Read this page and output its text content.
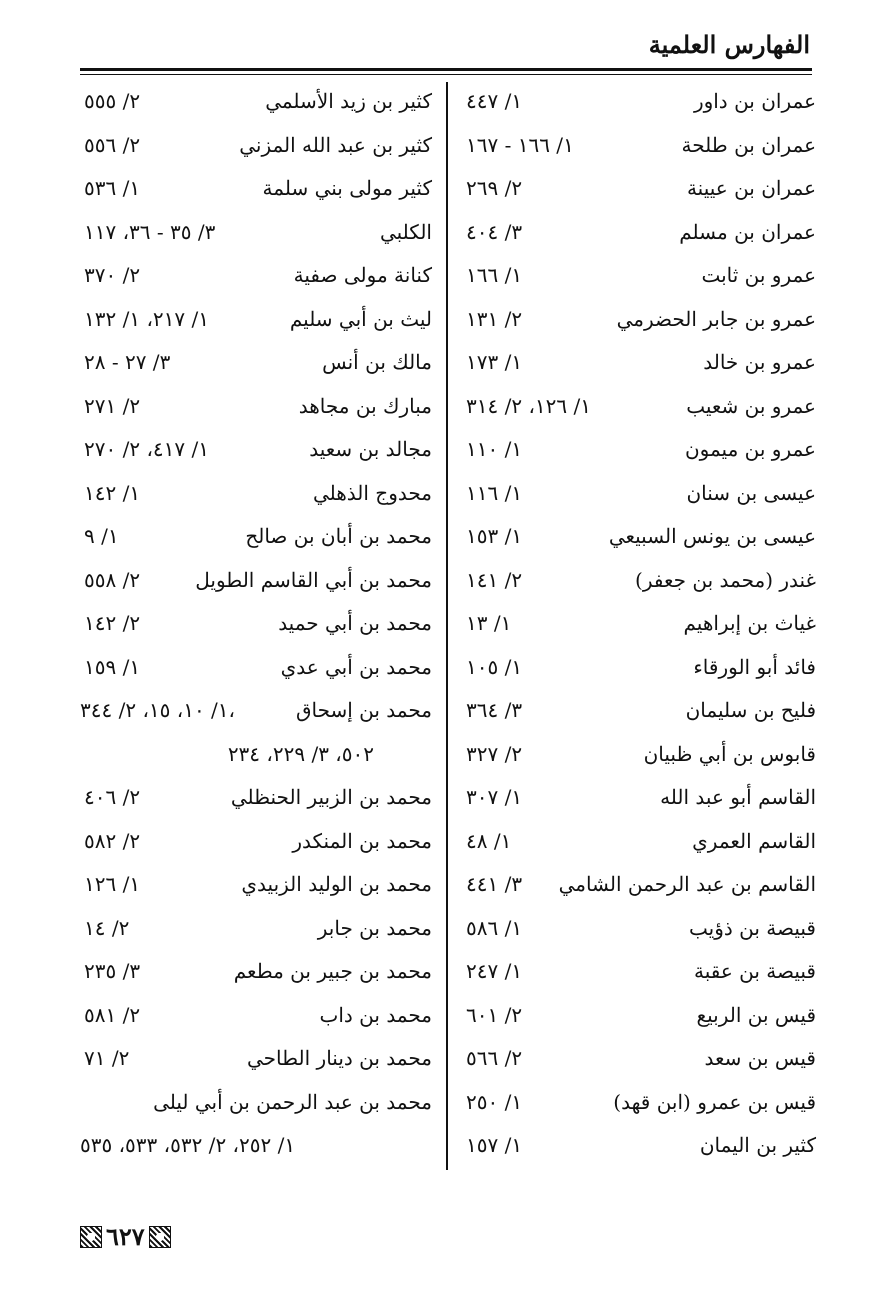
الفهارس العلمية
عمران بن داور
١/ ٤٤٧
عمران بن طلحة
١/ ١٦٦ - ١٦٧
عمران بن عيينة
٢/ ٢٦٩
عمران بن مسلم
٣/ ٤٠٤
عمرو بن ثابت
١/ ١٦٦
عمرو بن جابر الحضرمي
٢/ ١٣١
عمرو بن خالد
١/ ١٧٣
عمرو بن شعيب
١/ ١٢٦، ٢/ ٣١٤
عمرو بن ميمون
١/ ١١٠
عيسى بن سنان
١/ ١١٦
عيسى بن يونس السبيعي
١/ ١٥٣
غندر (محمد بن جعفر)
٢/ ١٤١
غياث بن إبراهيم
١/ ١٣
فائد أبو الورقاء
١/ ١٠٥
فليح بن سليمان
٣/ ٣٦٤
قابوس بن أبي ظبيان
٢/ ٣٢٧
القاسم أبو عبد الله
١/ ٣٠٧
القاسم العمري
١/ ٤٨
القاسم بن عبد الرحمن الشامي
٣/ ٤٤١
قبيصة بن ذؤيب
١/ ٥٨٦
قبيصة بن عقبة
١/ ٢٤٧
قيس بن الربيع
٢/ ٦٠١
قيس بن سعد
٢/ ٥٦٦
قيس بن عمرو (ابن قهد)
١/ ٢٥٠
كثير بن اليمان
١/ ١٥٧
كثير بن زيد الأسلمي
٢/ ٥٥٥
كثير بن عبد الله المزني
٢/ ٥٥٦
كثير مولى بني سلمة
١/ ٥٣٦
الكلبي
٣/ ٣٥ - ٣٦، ١١٧
كنانة مولى صفية
٢/ ٣٧٠
ليث بن أبي سليم
١/ ٢١٧، ١/ ١٣٢
مالك بن أنس
٣/ ٢٧ - ٢٨
مبارك بن مجاهد
٢/ ٢٧١
مجالد بن سعيد
١/ ٤١٧، ٢/ ٢٧٠
محدوج الذهلي
١/ ١٤٢
محمد بن أبان بن صالح
١/ ٩
محمد بن أبي القاسم الطويل
٢/ ٥٥٨
محمد بن أبي حميد
٢/ ١٤٢
محمد بن أبي عدي
١/ ١٥٩
محمد بن إسحاق
١/ ١٠، ١٥، ٢/ ٣٤٤،
٥٠٢، ٣/ ٢٢٩، ٢٣٤
محمد بن الزبير الحنظلي
٢/ ٤٠٦
محمد بن المنكدر
٢/ ٥٨٢
محمد بن الوليد الزبيدي
١/ ١٢٦
محمد بن جابر
٢/ ١٤
محمد بن جبير بن مطعم
٣/ ٢٣٥
محمد بن داب
٢/ ٥٨١
محمد بن دينار الطاحي
٢/ ٧١
محمد بن عبد الرحمن بن أبي ليلى
١/ ٢٥٢، ٢/ ٥٣٢، ٥٣٣، ٥٣٥
٦٢٧
